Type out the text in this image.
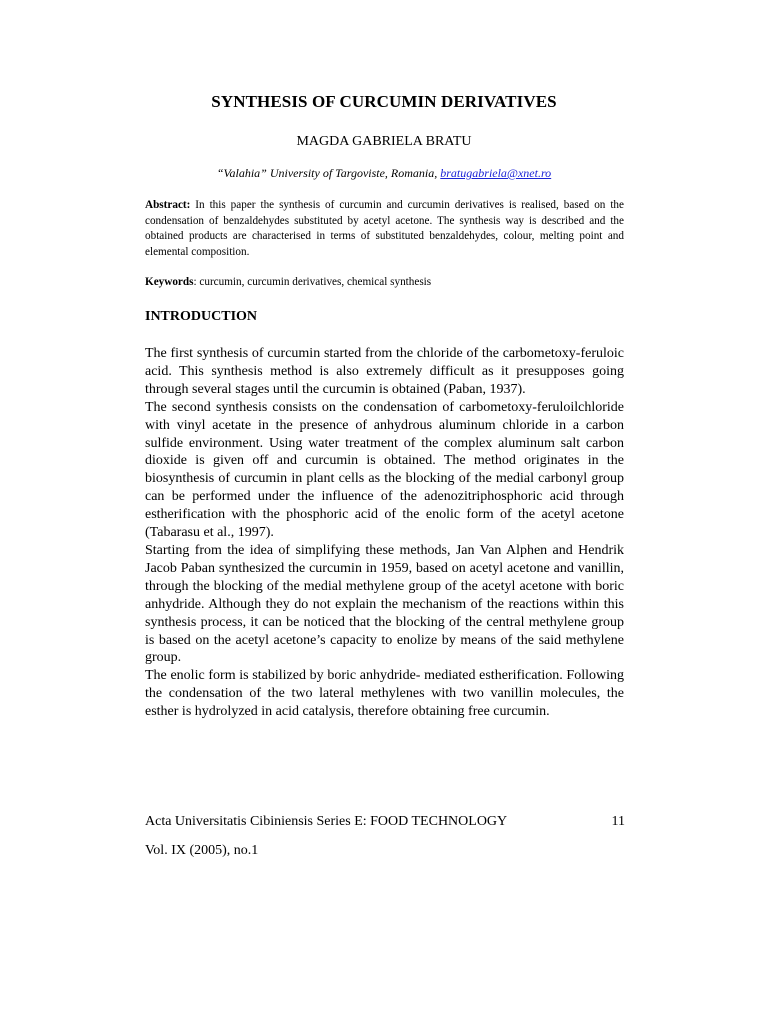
SYNTHESIS OF CURCUMIN DERIVATIVES
MAGDA GABRIELA BRATU
“Valahia” University of Targoviste, Romania, bratugabriela@xnet.ro
Abstract: In this paper the synthesis of curcumin and curcumin derivatives is realised, based on the condensation of benzaldehydes substituted by acetyl acetone. The synthesis way is described and the obtained products are characterised in terms of substituted benzaldehydes, colour, melting point and elemental composition.
Keywords: curcumin, curcumin derivatives, chemical synthesis
INTRODUCTION

The first synthesis of curcumin started from the chloride of the carbometoxy-feruloic acid. This synthesis method is also extremely difficult as it presupposes going through several stages until the curcumin is obtained (Paban, 1937).

The second synthesis consists on the condensation of carbometoxy-feruloilchloride with vinyl acetate in the presence of anhydrous aluminum chloride in a carbon sulfide environment. Using water treatment of the complex aluminum salt carbon dioxide is given off and curcumin is obtained. The method originates in the biosynthesis of curcumin in plant cells as the blocking of the medial carbonyl group can be performed under the influence of the adenozitriphosphoric acid through estherification with the phosphoric acid of the enolic form of the acetyl acetone (Tabarasu et al., 1997).

Starting from the idea of simplifying these methods, Jan Van Alphen and Hendrik Jacob Paban synthesized the curcumin in 1959, based on acetyl acetone and vanillin, through the blocking of the medial methylene group of the acetyl acetone with boric anhydride. Although they do not explain the mechanism of the reactions within this synthesis process, it can be noticed that the blocking of the central methylene group is based on the acetyl acetone’s capacity to enolize by means of the said methylene group.

The enolic form is stabilized by boric anhydride- mediated estherification. Following the condensation of the two lateral methylenes with two vanillin molecules, the esther is hydrolyzed in acid catalysis, therefore obtaining free curcumin.

Acta Universitatis Cibiniensis Series E: FOOD TECHNOLOGY	11
Vol. IX (2005), no.1
